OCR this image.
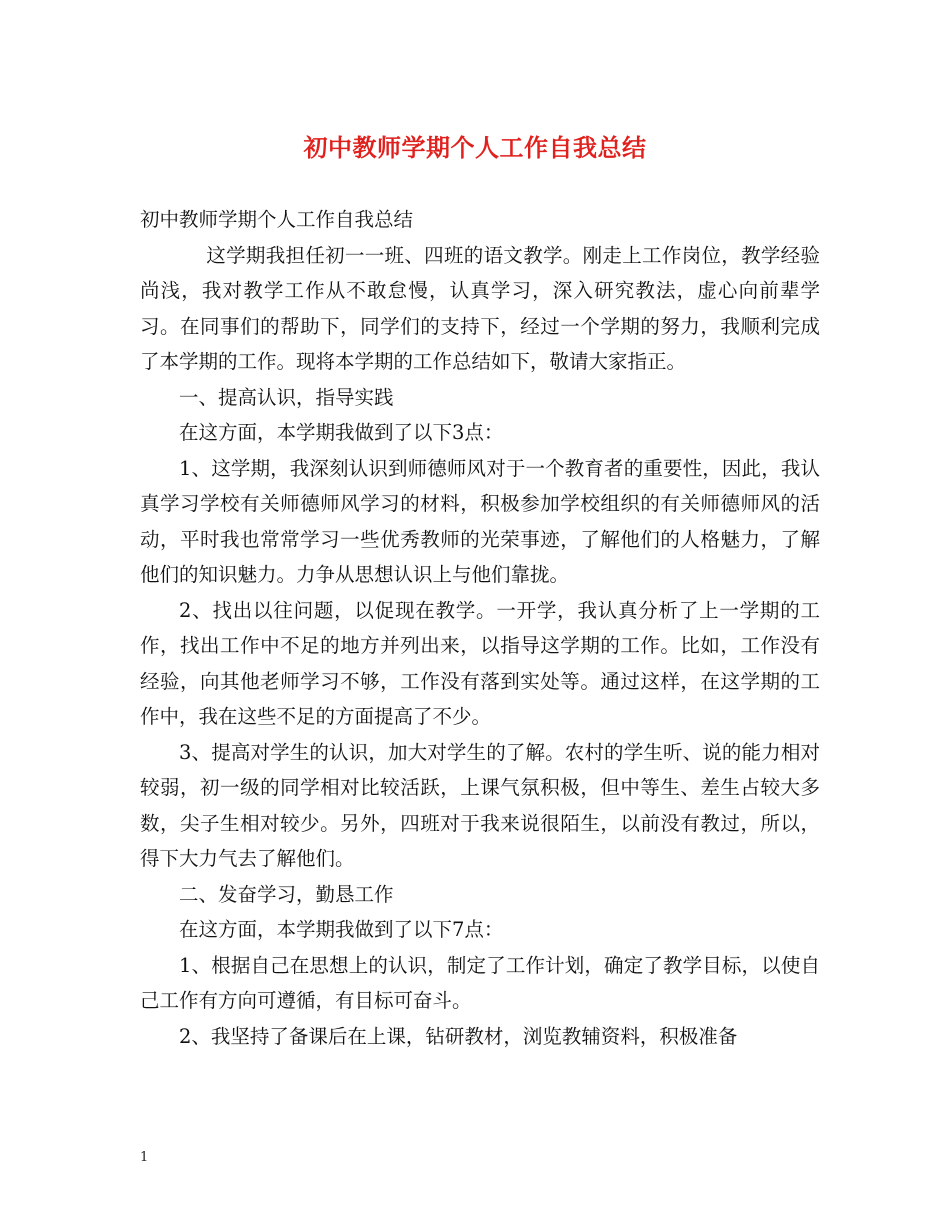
初中教师学期个人工作自我总结

初中教师学期个人工作自我总结

这学期我担任初一一班、四班的语文教学。刚走上工作岗位，教学经验尚浅，我对教学工作从不敢怠慢，认真学习，深入研究教法，虚心向前辈学习。在同事们的帮助下，同学们的支持下，经过一个学期的努力，我顺利完成了本学期的工作。现将本学期的工作总结如下，敬请大家指正。

一、提高认识，指导实践

在这方面，本学期我做到了以下3点：

1、这学期，我深刻认识到师德师风对于一个教育者的重要性，因此，我认真学习学校有关师德师风学习的材料，积极参加学校组织的有关师德师风的活动，平时我也常常学习一些优秀教师的光荣事迹，了解他们的人格魅力，了解他们的知识魅力。力争从思想认识上与他们靠拢。

2、找出以往问题，以促现在教学。一开学，我认真分析了上一学期的工作，找出工作中不足的地方并列出来，以指导这学期的工作。比如，工作没有经验，向其他老师学习不够，工作没有落到实处等。通过这样，在这学期的工作中，我在这些不足的方面提高了不少。

3、提高对学生的认识，加大对学生的了解。农村的学生听、说的能力相对较弱，初一级的同学相对比较活跃，上课气氛积极，但中等生、差生占较大多数，尖子生相对较少。另外，四班对于我来说很陌生，以前没有教过，所以，得下大力气去了解他们。

二、发奋学习，勤恳工作

在这方面，本学期我做到了以下7点：

1、根据自己在思想上的认识，制定了工作计划，确定了教学目标，以使自己工作有方向可遵循，有目标可奋斗。

2、我坚持了备课后在上课，钻研教材，浏览教辅资料，积极准备

1
